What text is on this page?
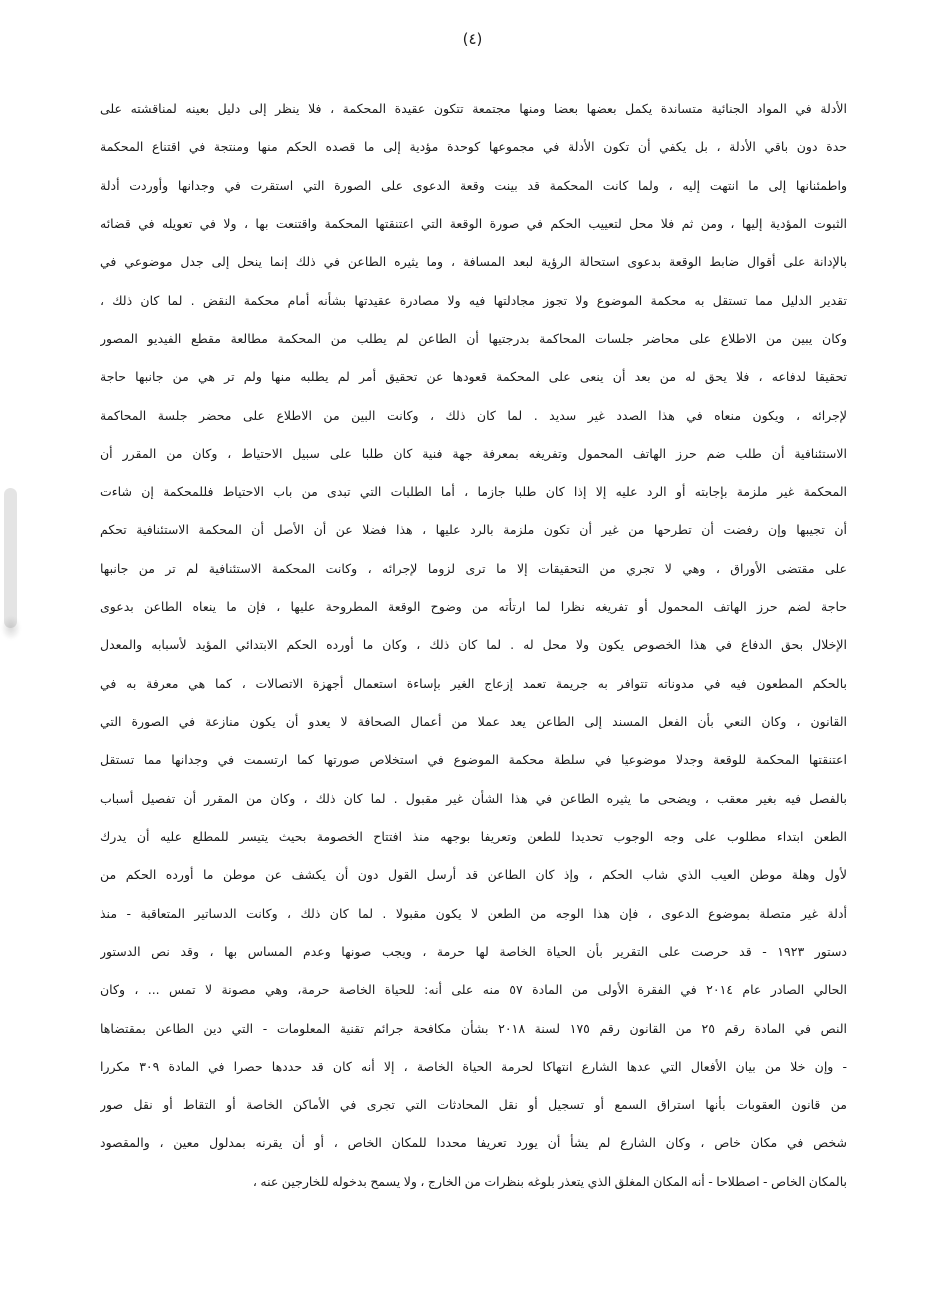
(٤)
الأدلة في المواد الجنائية متساندة يكمل بعضها بعضا ومنها مجتمعة تتكون عقيدة المحكمة ، فلا ينظر إلى دليل بعينه لمناقشته على
حدة دون باقي الأدلة ، بل يكفي أن تكون الأدلة في مجموعها كوحدة مؤدية إلى ما قصده الحكم منها ومنتجة في اقتناع المحكمة
واطمئنانها إلى ما انتهت إليه ، ولما كانت المحكمة قد بينت وقعة الدعوى على الصورة التي استقرت في وجدانها وأوردت أدلة
الثبوت المؤدية إليها ، ومن ثم فلا محل لتعييب الحكم في صورة الوقعة التي اعتنقتها المحكمة واقتنعت بها ، ولا في تعويله في قضائه
بالإدانة على أقوال ضابط الوقعة بدعوى استحالة الرؤية لبعد المسافة ، وما يثيره الطاعن في ذلك إنما ينحل إلى جدل موضوعي في
تقدير الدليل مما تستقل به محكمة الموضوع ولا تجوز مجادلتها فيه ولا مصادرة عقيدتها بشأنه أمام محكمة النقض . لما كان ذلك ،
وكان يبين من الاطلاع على محاضر جلسات المحاكمة بدرجتيها أن الطاعن لم يطلب من المحكمة مطالعة مقطع الفيديو المصور
تحقيقا لدفاعه ، فلا يحق له من بعد أن ينعى على المحكمة قعودها عن تحقيق أمر لم يطلبه منها ولم تر هي من جانبها حاجة
لإجرائه ، ويكون منعاه في هذا الصدد غير سديد . لما كان ذلك ، وكانت البين من الاطلاع على محضر جلسة المحاكمة
الاستئنافية أن طلب ضم حرز الهاتف المحمول وتفريغه بمعرفة جهة فنية كان طلبا على سبيل الاحتياط ، وكان من المقرر أن
المحكمة غير ملزمة بإجابته أو الرد عليه إلا إذا كان طلبا جازما ، أما الطلبات التي تبدى من باب الاحتياط فللمحكمة إن شاءت
أن تجيبها وإن رفضت أن تطرحها من غير أن تكون ملزمة بالرد عليها ، هذا فضلا عن أن الأصل أن المحكمة الاستئنافية تحكم
على مقتضى الأوراق ، وهي لا تجري من التحقيقات إلا ما ترى لزوما لإجرائه ، وكانت المحكمة الاستئنافية لم تر من جانبها
حاجة لضم حرز الهاتف المحمول أو تفريغه نظرا لما ارتأته من وضوح الوقعة المطروحة عليها ، فإن ما ينعاه الطاعن بدعوى
الإخلال بحق الدفاع في هذا الخصوص يكون ولا محل له . لما كان ذلك ، وكان ما أورده الحكم الابتدائي المؤيد لأسبابه والمعدل
بالحكم المطعون فيه في مدوناته تتوافر به جريمة تعمد إزعاج الغير بإساءة استعمال أجهزة الاتصالات ، كما هي معرفة به في
القانون ، وكان النعي بأن الفعل المسند إلى الطاعن يعد عملا من أعمال الصحافة لا يعدو أن يكون منازعة في الصورة التي
اعتنقتها المحكمة للوقعة وجدلا موضوعيا في سلطة محكمة الموضوع في استخلاص صورتها كما ارتسمت في وجدانها مما تستقل
بالفصل فيه بغير معقب ، ويضحى ما يثيره الطاعن في هذا الشأن غير مقبول . لما كان ذلك ، وكان من المقرر أن تفصيل أسباب
الطعن ابتداء مطلوب على وجه الوجوب تحديدا للطعن وتعريفا بوجهه منذ افتتاح الخصومة بحيث يتيسر للمطلع عليه أن يدرك
لأول وهلة موطن العيب الذي شاب الحكم ، وإذ كان الطاعن قد أرسل القول دون أن يكشف عن موطن ما أورده الحكم من
أدلة غير متصلة بموضوع الدعوى ، فإن هذا الوجه من الطعن لا يكون مقبولا . لما كان ذلك ، وكانت الدساتير المتعاقبة - منذ
دستور ١٩٢٣ - قد حرصت على التقرير بأن الحياة الخاصة لها حرمة ، ويجب صونها وعدم المساس بها ، وقد نص الدستور
الحالي الصادر عام ٢٠١٤ في الفقرة الأولى من المادة ٥٧ منه على أنه: للحياة الخاصة حرمة، وهي مصونة لا تمس ... ، وكان
النص في المادة رقم ٢٥ من القانون رقم ١٧٥ لسنة ٢٠١٨ بشأن مكافحة جرائم تقنية المعلومات - التي دين الطاعن بمقتضاها
- وإن خلا من بيان الأفعال التي عدها الشارع انتهاكا لحرمة الحياة الخاصة ، إلا أنه كان قد حددها حصرا في المادة ٣٠٩ مكررا
من قانون العقوبات بأنها استراق السمع أو تسجيل أو نقل المحادثات التي تجرى في الأماكن الخاصة أو التقاط أو نقل صور
شخص في مكان خاص ، وكان الشارع لم يشأ أن يورد تعريفا محددا للمكان الخاص ، أو أن يقرنه بمدلول معين ، والمقصود
بالمكان الخاص - اصطلاحا - أنه المكان المغلق الذي يتعذر بلوغه بنظرات من الخارج ، ولا يسمح بدخوله للخارجين عنه ،
